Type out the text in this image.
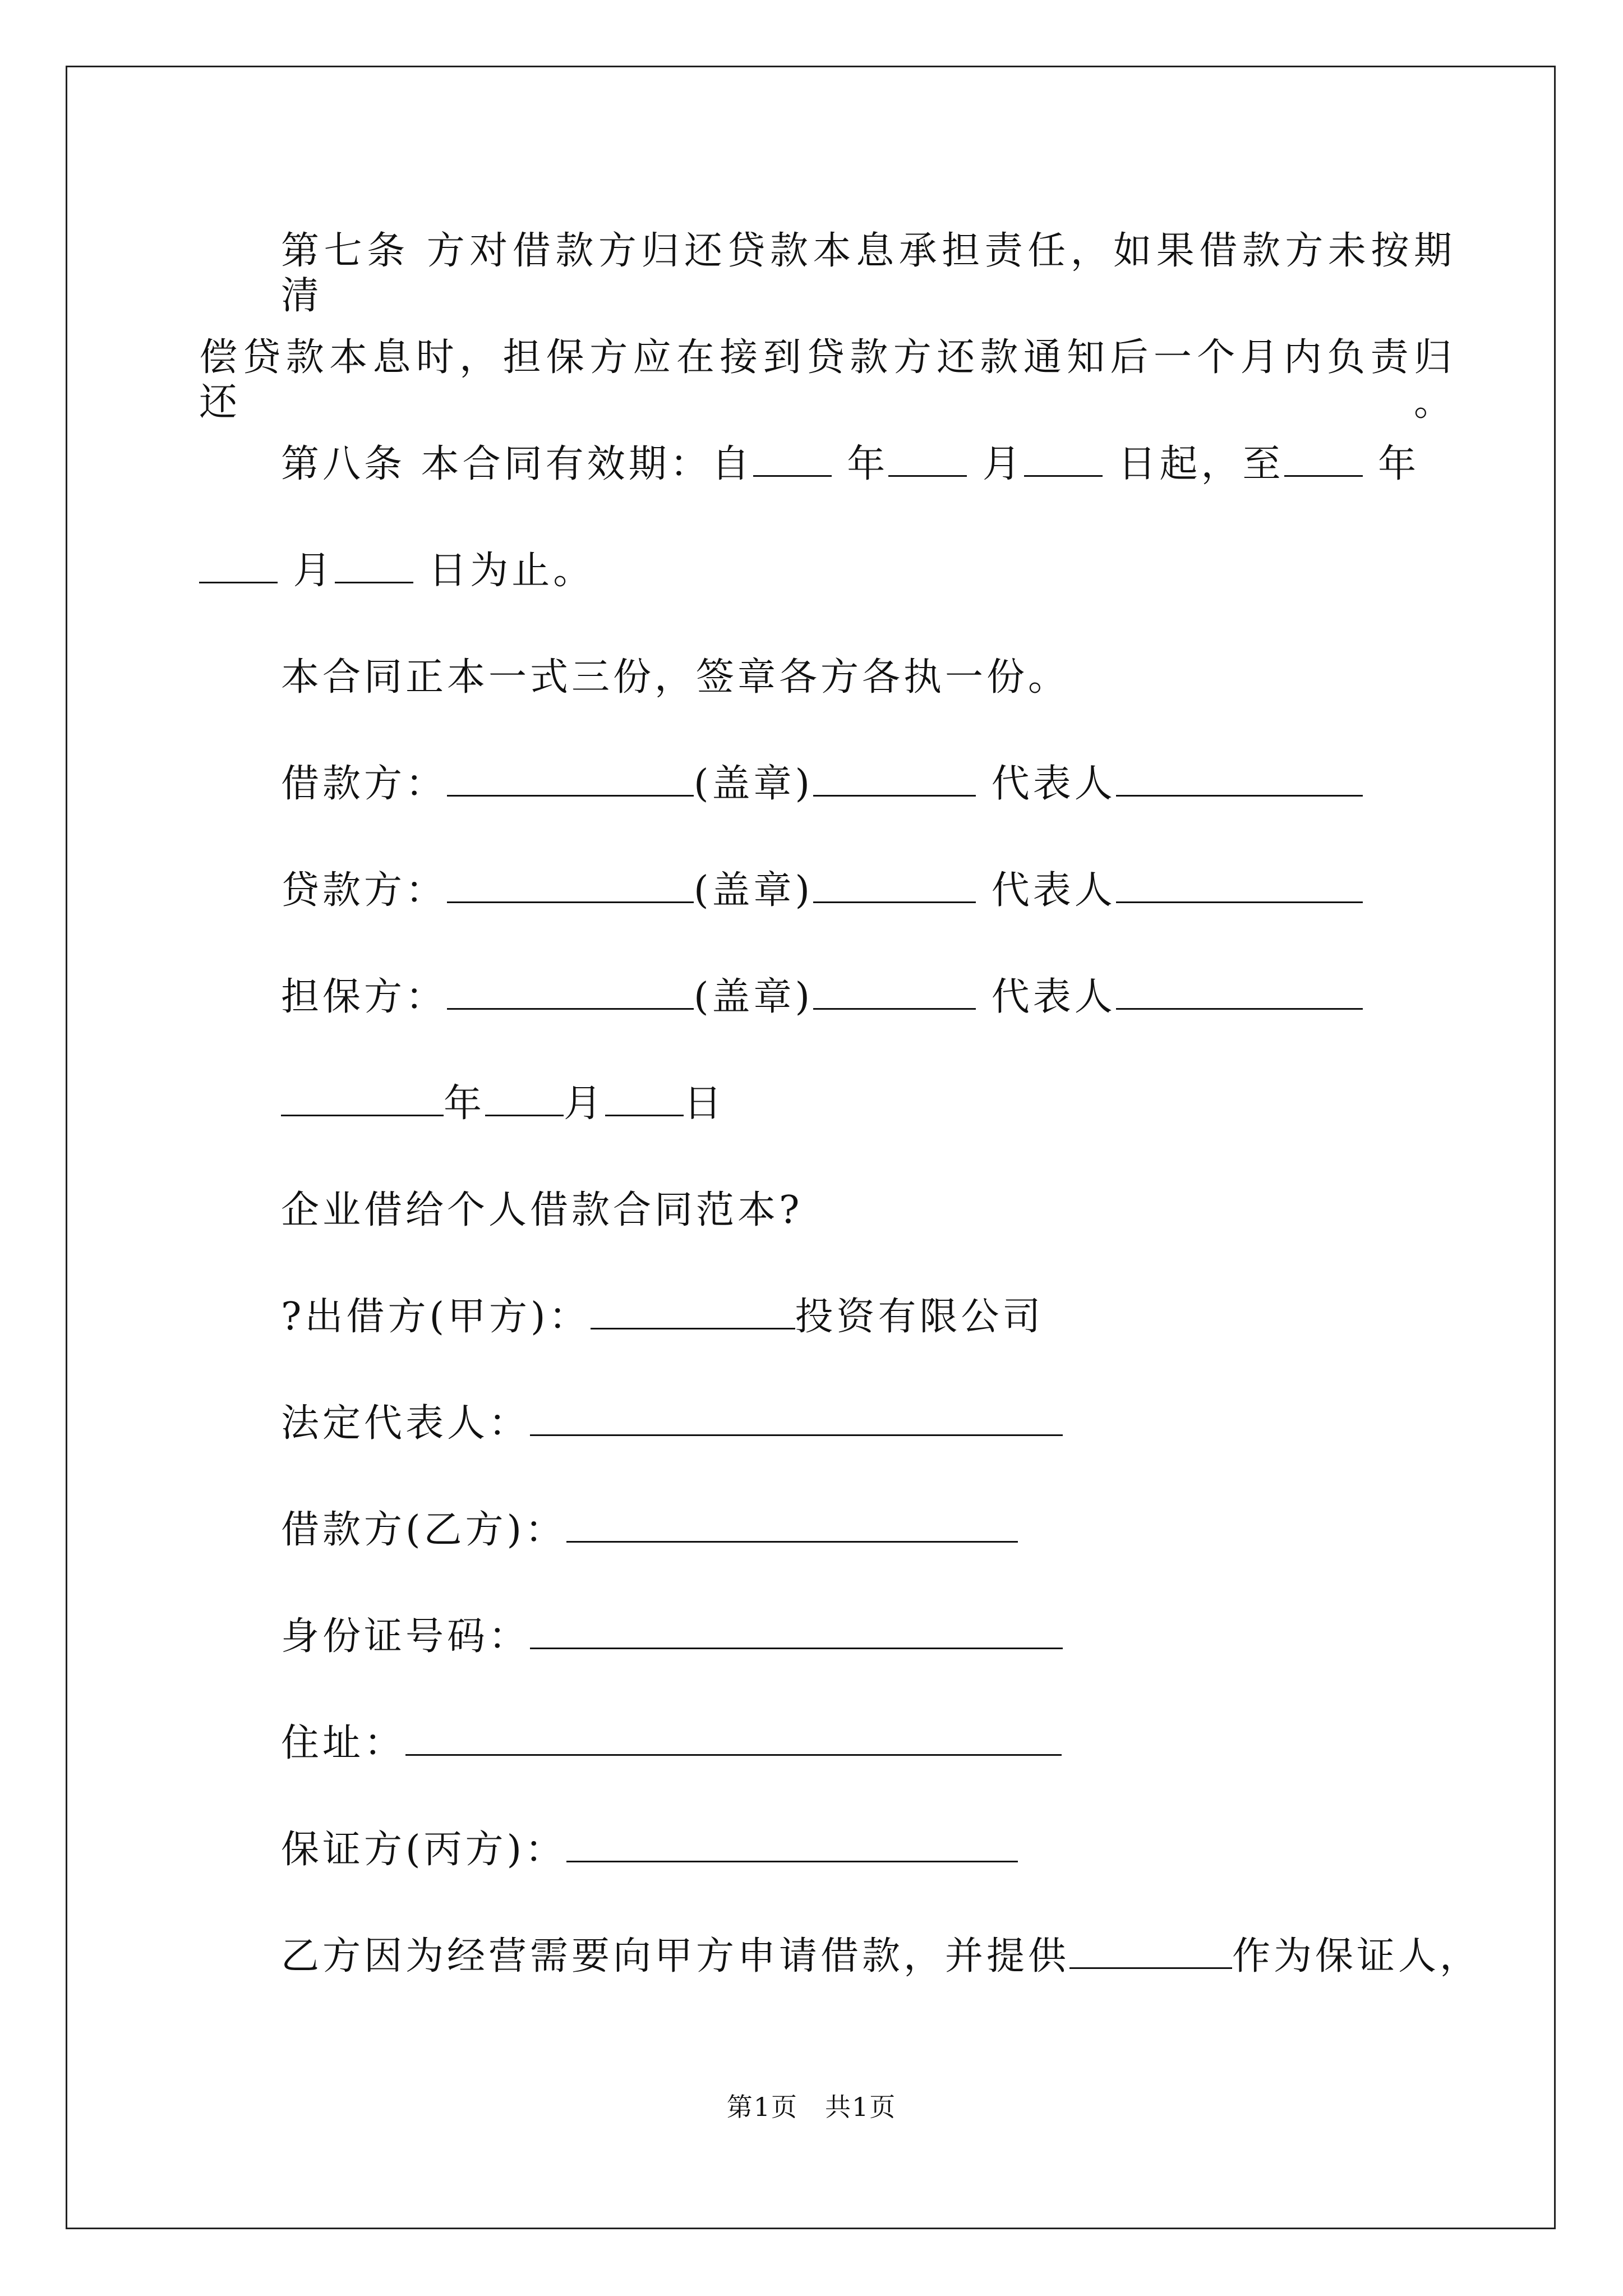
第七条 方对借款方归还贷款本息承担责任，如果借款方未按期清
偿贷款本息时，担保方应在接到贷款方还款通知后一个月内负责归还。
第八条 本合同有效期：自 年 月 日起，至 年
月 日为止。
本合同正本一式三份，签章各方各执一份。
借款方：	(盖章)	代表人
贷款方：	(盖章)	代表人
担保方：	(盖章)	代表人
年 月 日
企业借给个人借款合同范本?
?出借方(甲方)：	投资有限公司
法定代表人：
借款方(乙方)：
身份证号码：
住址：
保证方(丙方)：
乙方因为经营需要向甲方申请借款，并提供	作为保证人，
第1页　共1页
